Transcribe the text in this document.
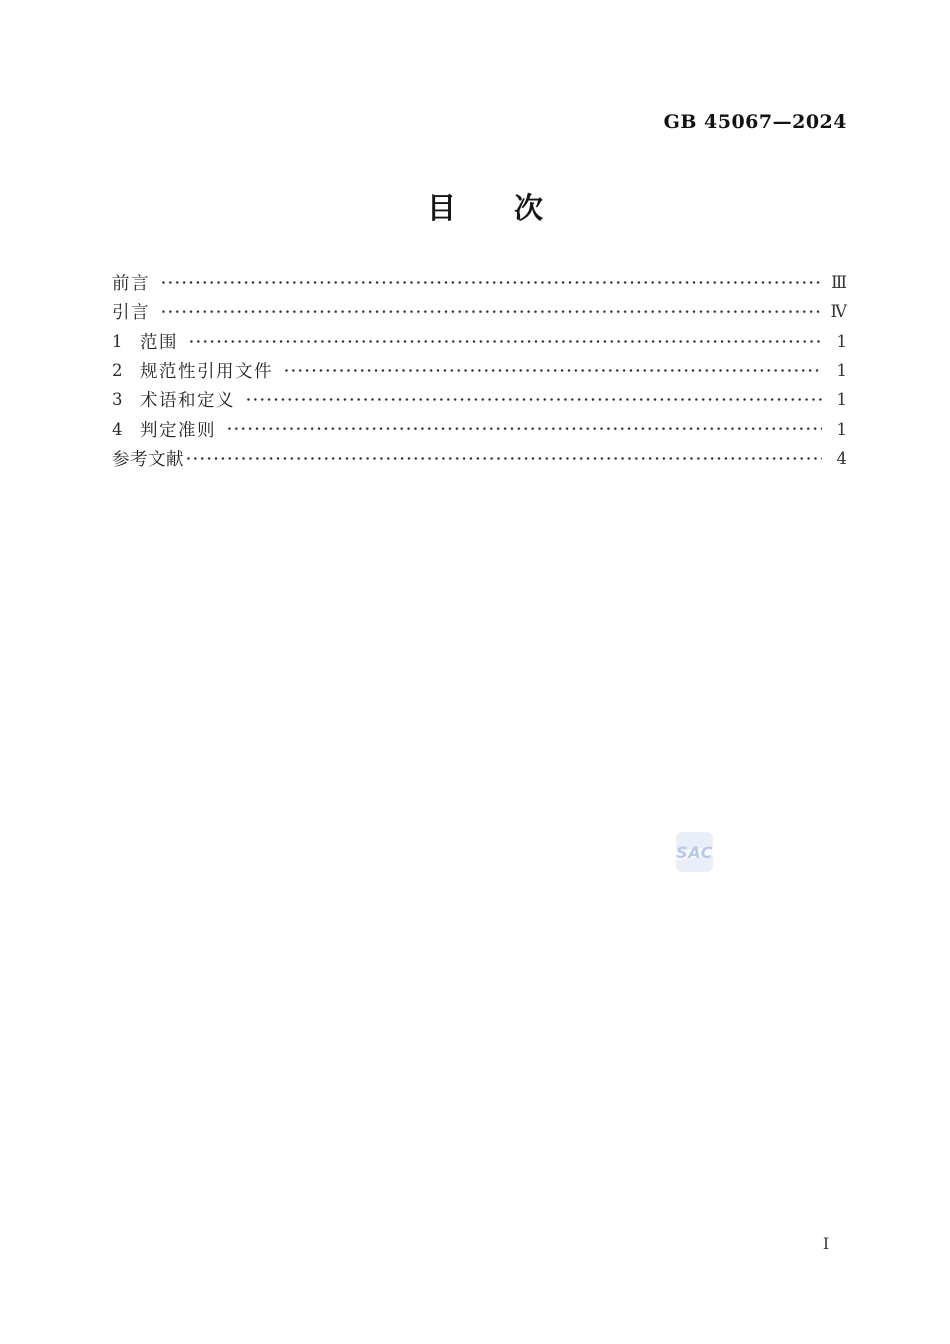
GB 45067—2024
目　　次
前言	Ⅲ
引言	Ⅳ
1	范围	1
2	规范性引用文件	1
3	术语和定义	1
4	判定准则	1
参考文献	4
SAC
Ⅰ
